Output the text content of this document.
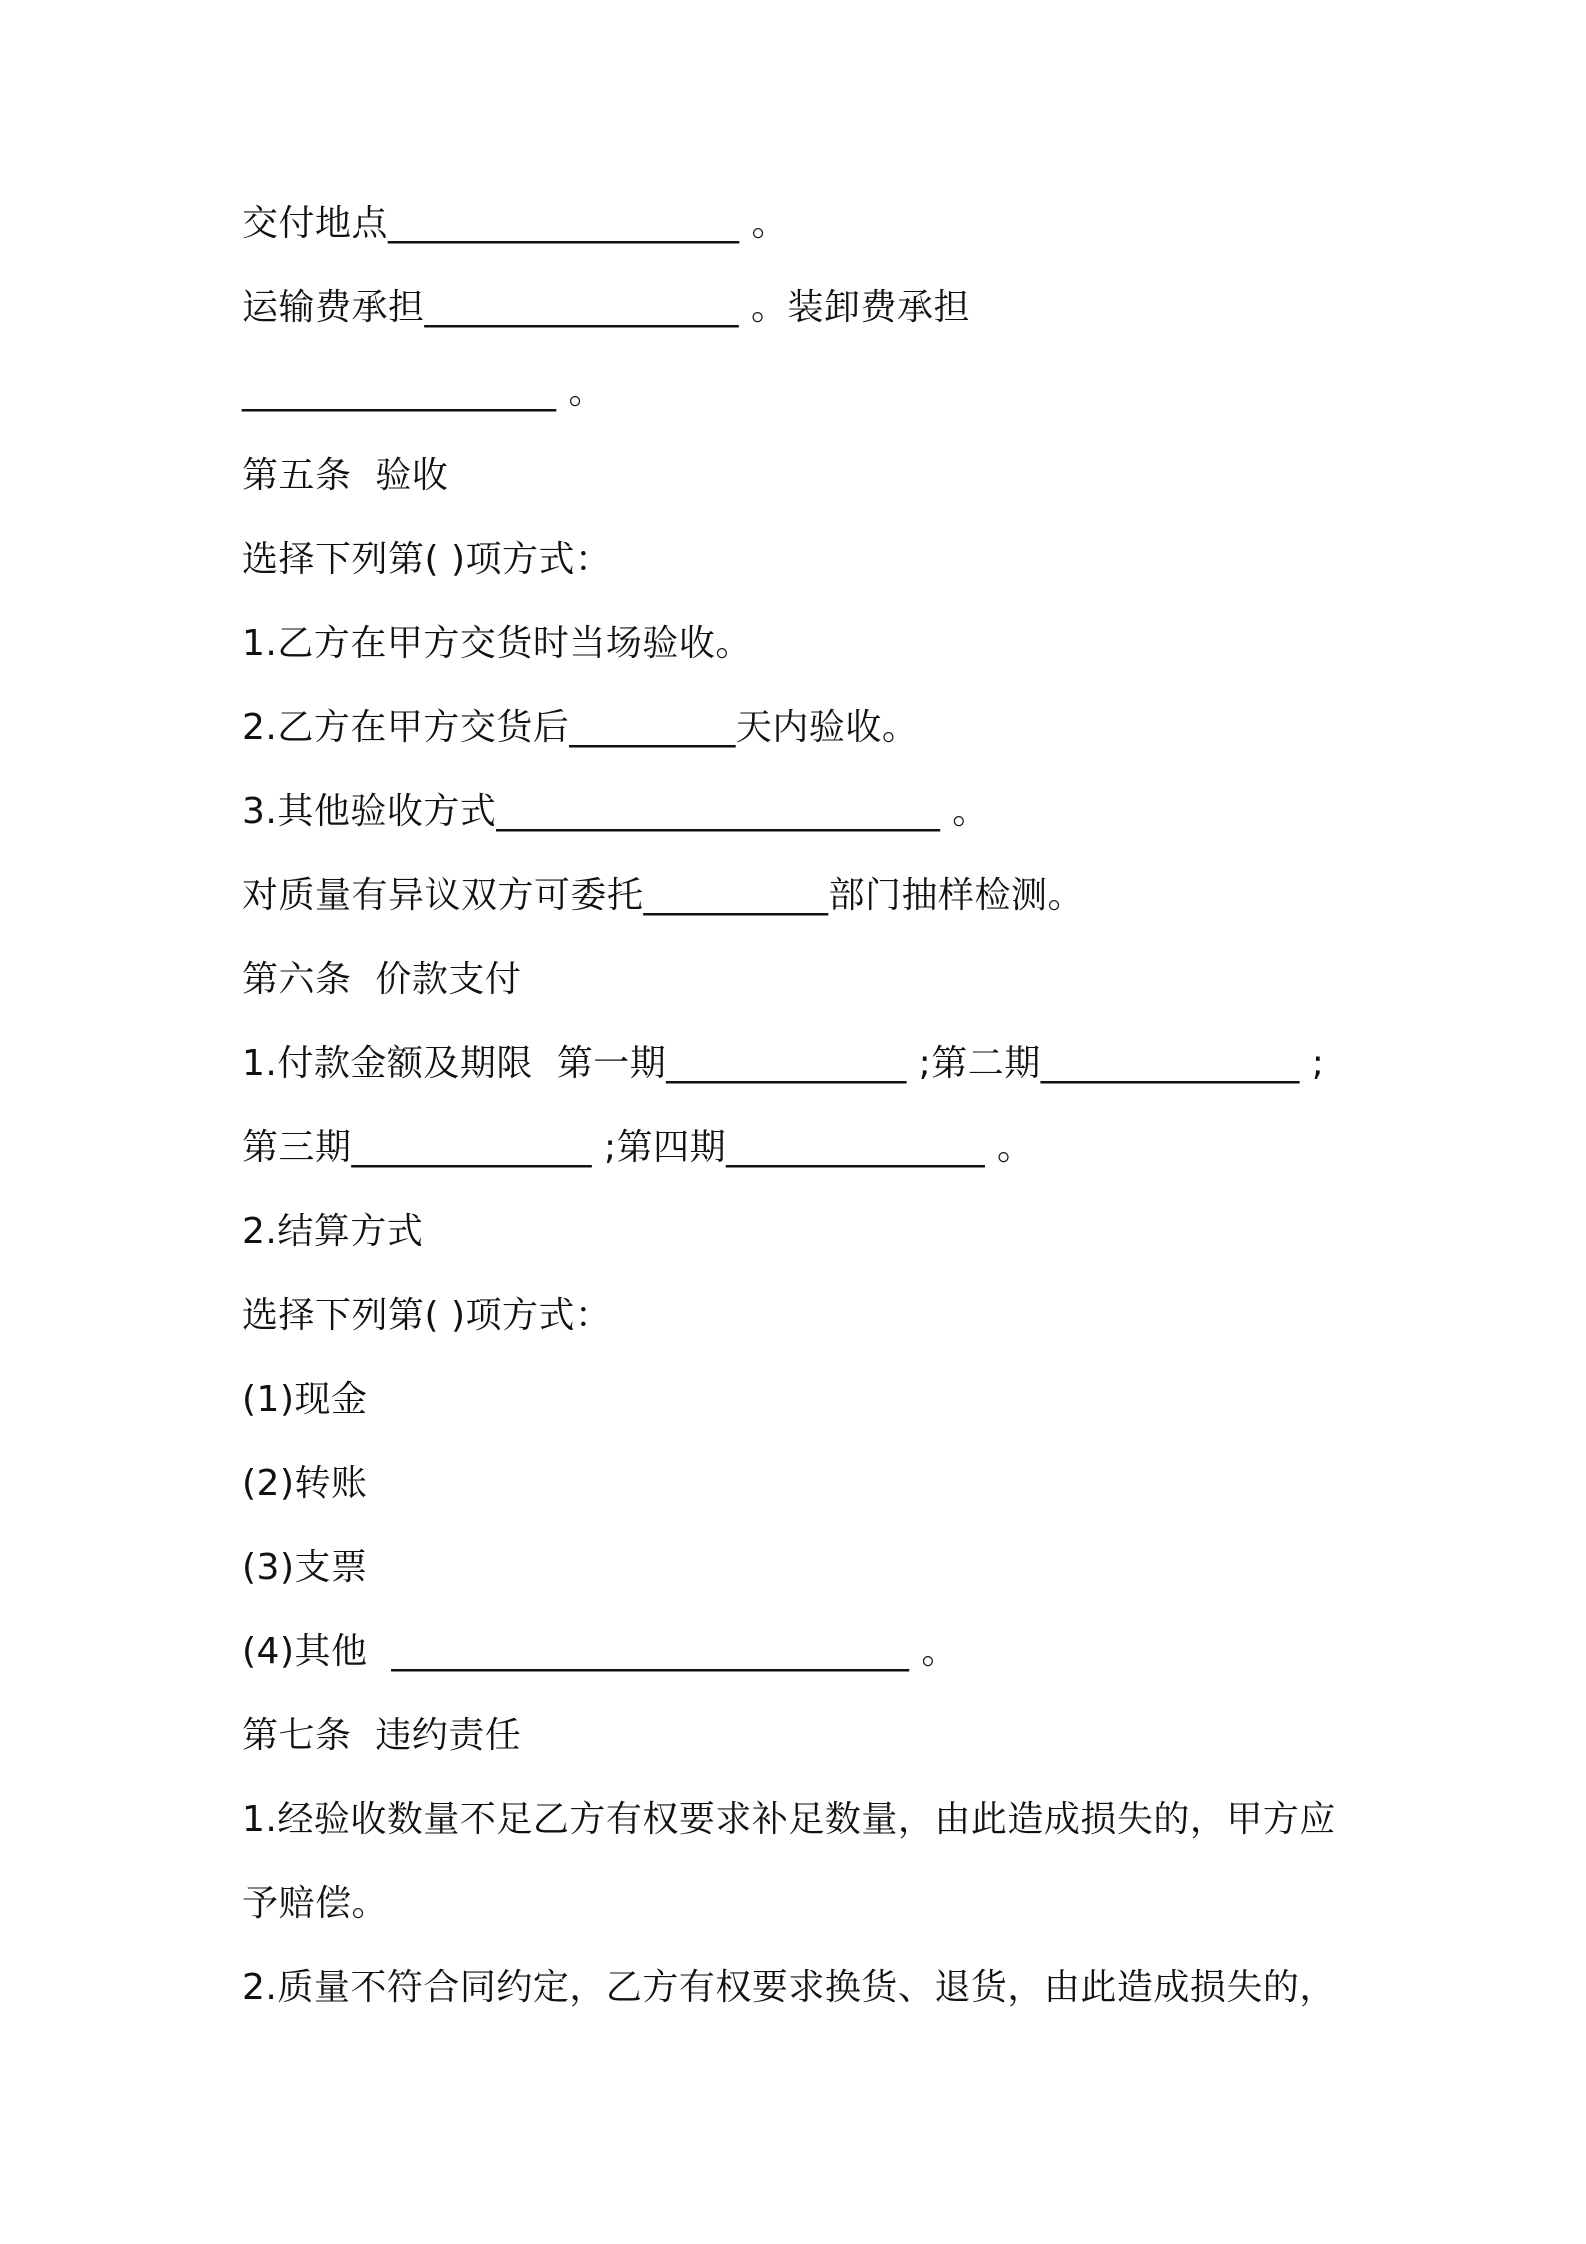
交付地点___________________ 。
运输费承担_________________ 。装卸费承担
_________________ 。
第五条  验收
选择下列第( )项方式：
1.乙方在甲方交货时当场验收。
2.乙方在甲方交货后_________天内验收。
3.其他验收方式________________________ 。
对质量有异议双方可委托__________部门抽样检测。
第六条  价款支付
1.付款金额及期限  第一期_____________ ;第二期______________ ;
第三期_____________ ;第四期______________ 。
2.结算方式
选择下列第( )项方式：
(1)现金
(2)转账
(3)支票
(4)其他  ____________________________ 。
第七条  违约责任
1.经验收数量不足乙方有权要求补足数量，由此造成损失的，甲方应
予赔偿。
2.质量不符合同约定，乙方有权要求换货、退货，由此造成损失的，
